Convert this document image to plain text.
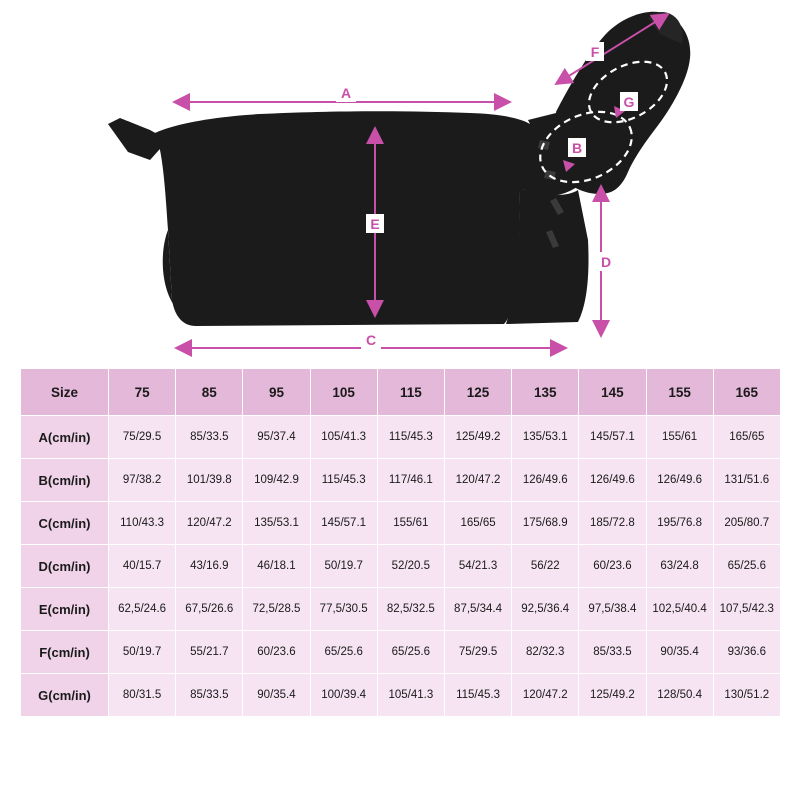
A
C
E
D
F
B
G
Size	75	85	95	105	115	125	135	145	155	165
A(cm/in)	75/29.5	85/33.5	95/37.4	105/41.3	115/45.3	125/49.2	135/53.1	145/57.1	155/61	165/65
B(cm/in)	97/38.2	101/39.8	109/42.9	115/45.3	117/46.1	120/47.2	126/49.6	126/49.6	126/49.6	131/51.6
C(cm/in)	110/43.3	120/47.2	135/53.1	145/57.1	155/61	165/65	175/68.9	185/72.8	195/76.8	205/80.7
D(cm/in)	40/15.7	43/16.9	46/18.1	50/19.7	52/20.5	54/21.3	56/22	60/23.6	63/24.8	65/25.6
E(cm/in)	62,5/24.6	67,5/26.6	72,5/28.5	77,5/30.5	82,5/32.5	87,5/34.4	92,5/36.4	97,5/38.4	102,5/40.4	107,5/42.3
F(cm/in)	50/19.7	55/21.7	60/23.6	65/25.6	65/25.6	75/29.5	82/32.3	85/33.5	90/35.4	93/36.6
G(cm/in)	80/31.5	85/33.5	90/35.4	100/39.4	105/41.3	115/45.3	120/47.2	125/49.2	128/50.4	130/51.2
